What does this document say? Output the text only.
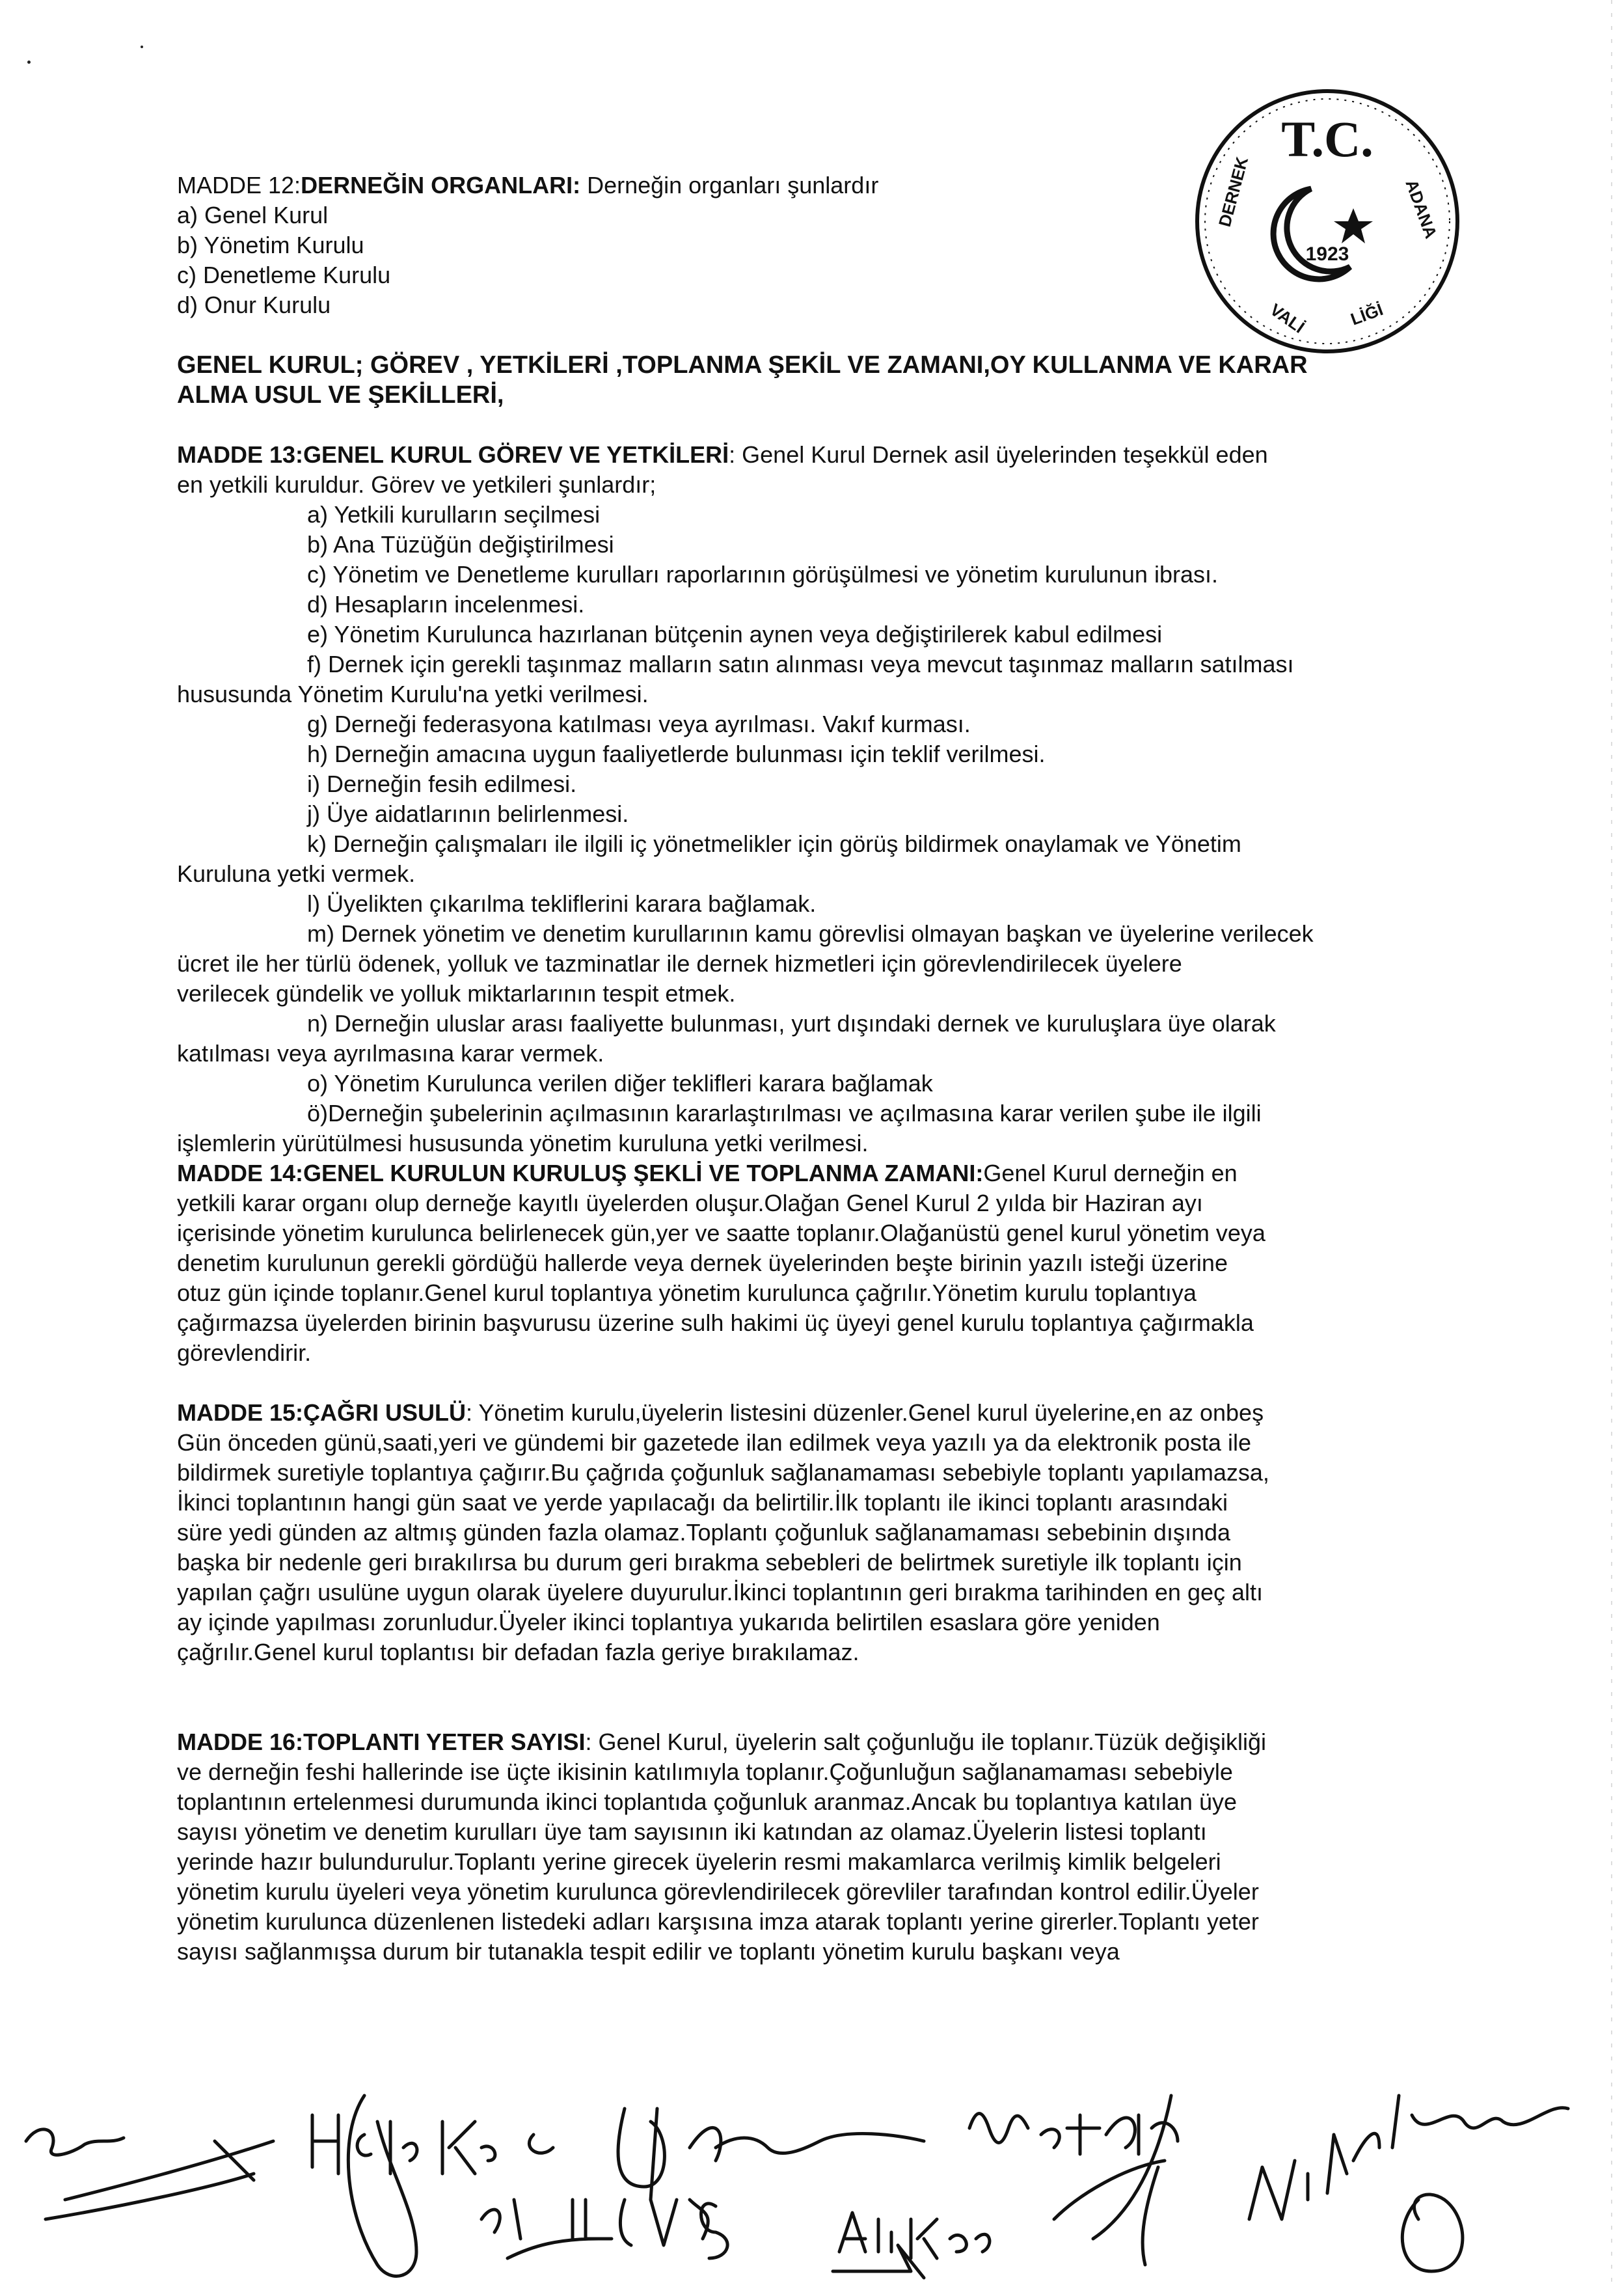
T.C.
1923
DERNEK	ADANA
VALİ LİĞİ
MADDE 12:DERNEĞİN ORGANLARI: Derneğin organları şunlardır
a) Genel Kurul
b) Yönetim Kurulu
c) Denetleme Kurulu
d) Onur Kurulu
GENEL KURUL; GÖREV , YETKİLERİ ,TOPLANMA ŞEKİL VE ZAMANI,OY KULLANMA VE KARAR
ALMA USUL VE ŞEKİLLERİ,
MADDE 13:GENEL KURUL GÖREV VE YETKİLERİ: Genel Kurul Dernek asil üyelerinden teşekkül eden
en yetkili kuruldur. Görev ve yetkileri şunlardır;
a) Yetkili kurulların seçilmesi
b) Ana Tüzüğün değiştirilmesi
c) Yönetim ve Denetleme kurulları raporlarının görüşülmesi ve yönetim kurulunun ibrası.
d) Hesapların incelenmesi.
e) Yönetim Kurulunca hazırlanan bütçenin aynen veya değiştirilerek kabul edilmesi
f) Dernek için gerekli taşınmaz malların satın alınması veya mevcut taşınmaz malların satılması
hususunda Yönetim Kurulu'na yetki verilmesi.
g) Derneği federasyona katılması veya ayrılması. Vakıf kurması.
h) Derneğin amacına uygun faaliyetlerde bulunması için teklif verilmesi.
i) Derneğin fesih edilmesi.
j) Üye aidatlarının belirlenmesi.
k) Derneğin çalışmaları ile ilgili iç yönetmelikler için görüş bildirmek onaylamak ve Yönetim
Kuruluna yetki vermek.
l) Üyelikten çıkarılma tekliflerini karara bağlamak.
m) Dernek yönetim ve denetim kurullarının kamu görevlisi olmayan başkan ve üyelerine verilecek
ücret ile her türlü ödenek, yolluk ve tazminatlar ile dernek hizmetleri için görevlendirilecek üyelere
verilecek gündelik ve yolluk miktarlarının tespit etmek.
n) Derneğin uluslar arası faaliyette bulunması, yurt dışındaki dernek ve kuruluşlara üye olarak
katılması veya ayrılmasına karar vermek.
o) Yönetim Kurulunca verilen diğer teklifleri karara bağlamak
ö)Derneğin şubelerinin açılmasının kararlaştırılması ve açılmasına karar verilen şube ile ilgili
işlemlerin yürütülmesi hususunda yönetim kuruluna yetki verilmesi.
MADDE 14:GENEL KURULUN KURULUŞ ŞEKLİ VE TOPLANMA ZAMANI:Genel Kurul derneğin en
yetkili karar organı olup derneğe kayıtlı üyelerden oluşur.Olağan Genel Kurul 2 yılda bir Haziran ayı
içerisinde yönetim kurulunca belirlenecek gün,yer ve saatte toplanır.Olağanüstü genel kurul yönetim veya
denetim kurulunun gerekli gördüğü hallerde veya dernek üyelerinden beşte birinin yazılı isteği üzerine
otuz gün içinde toplanır.Genel kurul toplantıya yönetim kurulunca çağrılır.Yönetim kurulu toplantıya
çağırmazsa üyelerden birinin başvurusu üzerine sulh hakimi üç üyeyi genel kurulu toplantıya çağırmakla
görevlendirir.
MADDE 15:ÇAĞRI USULÜ: Yönetim kurulu,üyelerin listesini düzenler.Genel kurul üyelerine,en az onbeş
Gün önceden günü,saati,yeri ve gündemi bir gazetede ilan edilmek veya yazılı ya da elektronik posta ile
bildirmek suretiyle toplantıya çağırır.Bu çağrıda çoğunluk sağlanamaması sebebiyle toplantı yapılamazsa,
İkinci toplantının hangi gün saat ve yerde yapılacağı da belirtilir.İlk toplantı ile ikinci toplantı arasındaki
süre yedi günden az altmış günden fazla olamaz.Toplantı çoğunluk sağlanamaması sebebinin dışında
başka bir nedenle geri bırakılırsa bu durum geri bırakma sebebleri de belirtmek suretiyle ilk toplantı için
yapılan çağrı usulüne uygun olarak üyelere duyurulur.İkinci toplantının geri bırakma tarihinden en geç altı
ay içinde yapılması zorunludur.Üyeler ikinci toplantıya yukarıda belirtilen esaslara göre yeniden
çağrılır.Genel kurul toplantısı bir defadan fazla geriye bırakılamaz.
MADDE 16:TOPLANTI YETER SAYISI: Genel Kurul, üyelerin salt çoğunluğu ile toplanır.Tüzük değişikliği
ve derneğin feshi hallerinde ise üçte ikisinin katılımıyla toplanır.Çoğunluğun sağlanamaması sebebiyle
toplantının ertelenmesi durumunda ikinci toplantıda çoğunluk aranmaz.Ancak bu toplantıya katılan üye
sayısı yönetim ve denetim kurulları üye tam sayısının iki katından az olamaz.Üyelerin listesi toplantı
yerinde hazır bulundurulur.Toplantı yerine girecek üyelerin resmi makamlarca verilmiş kimlik belgeleri
yönetim kurulu üyeleri veya yönetim kurulunca görevlendirilecek görevliler tarafından kontrol edilir.Üyeler
yönetim kurulunca düzenlenen listedeki adları karşısına imza atarak toplantı yerine girerler.Toplantı yeter
sayısı sağlanmışsa durum bir tutanakla tespit edilir ve toplantı yönetim kurulu başkanı veya
